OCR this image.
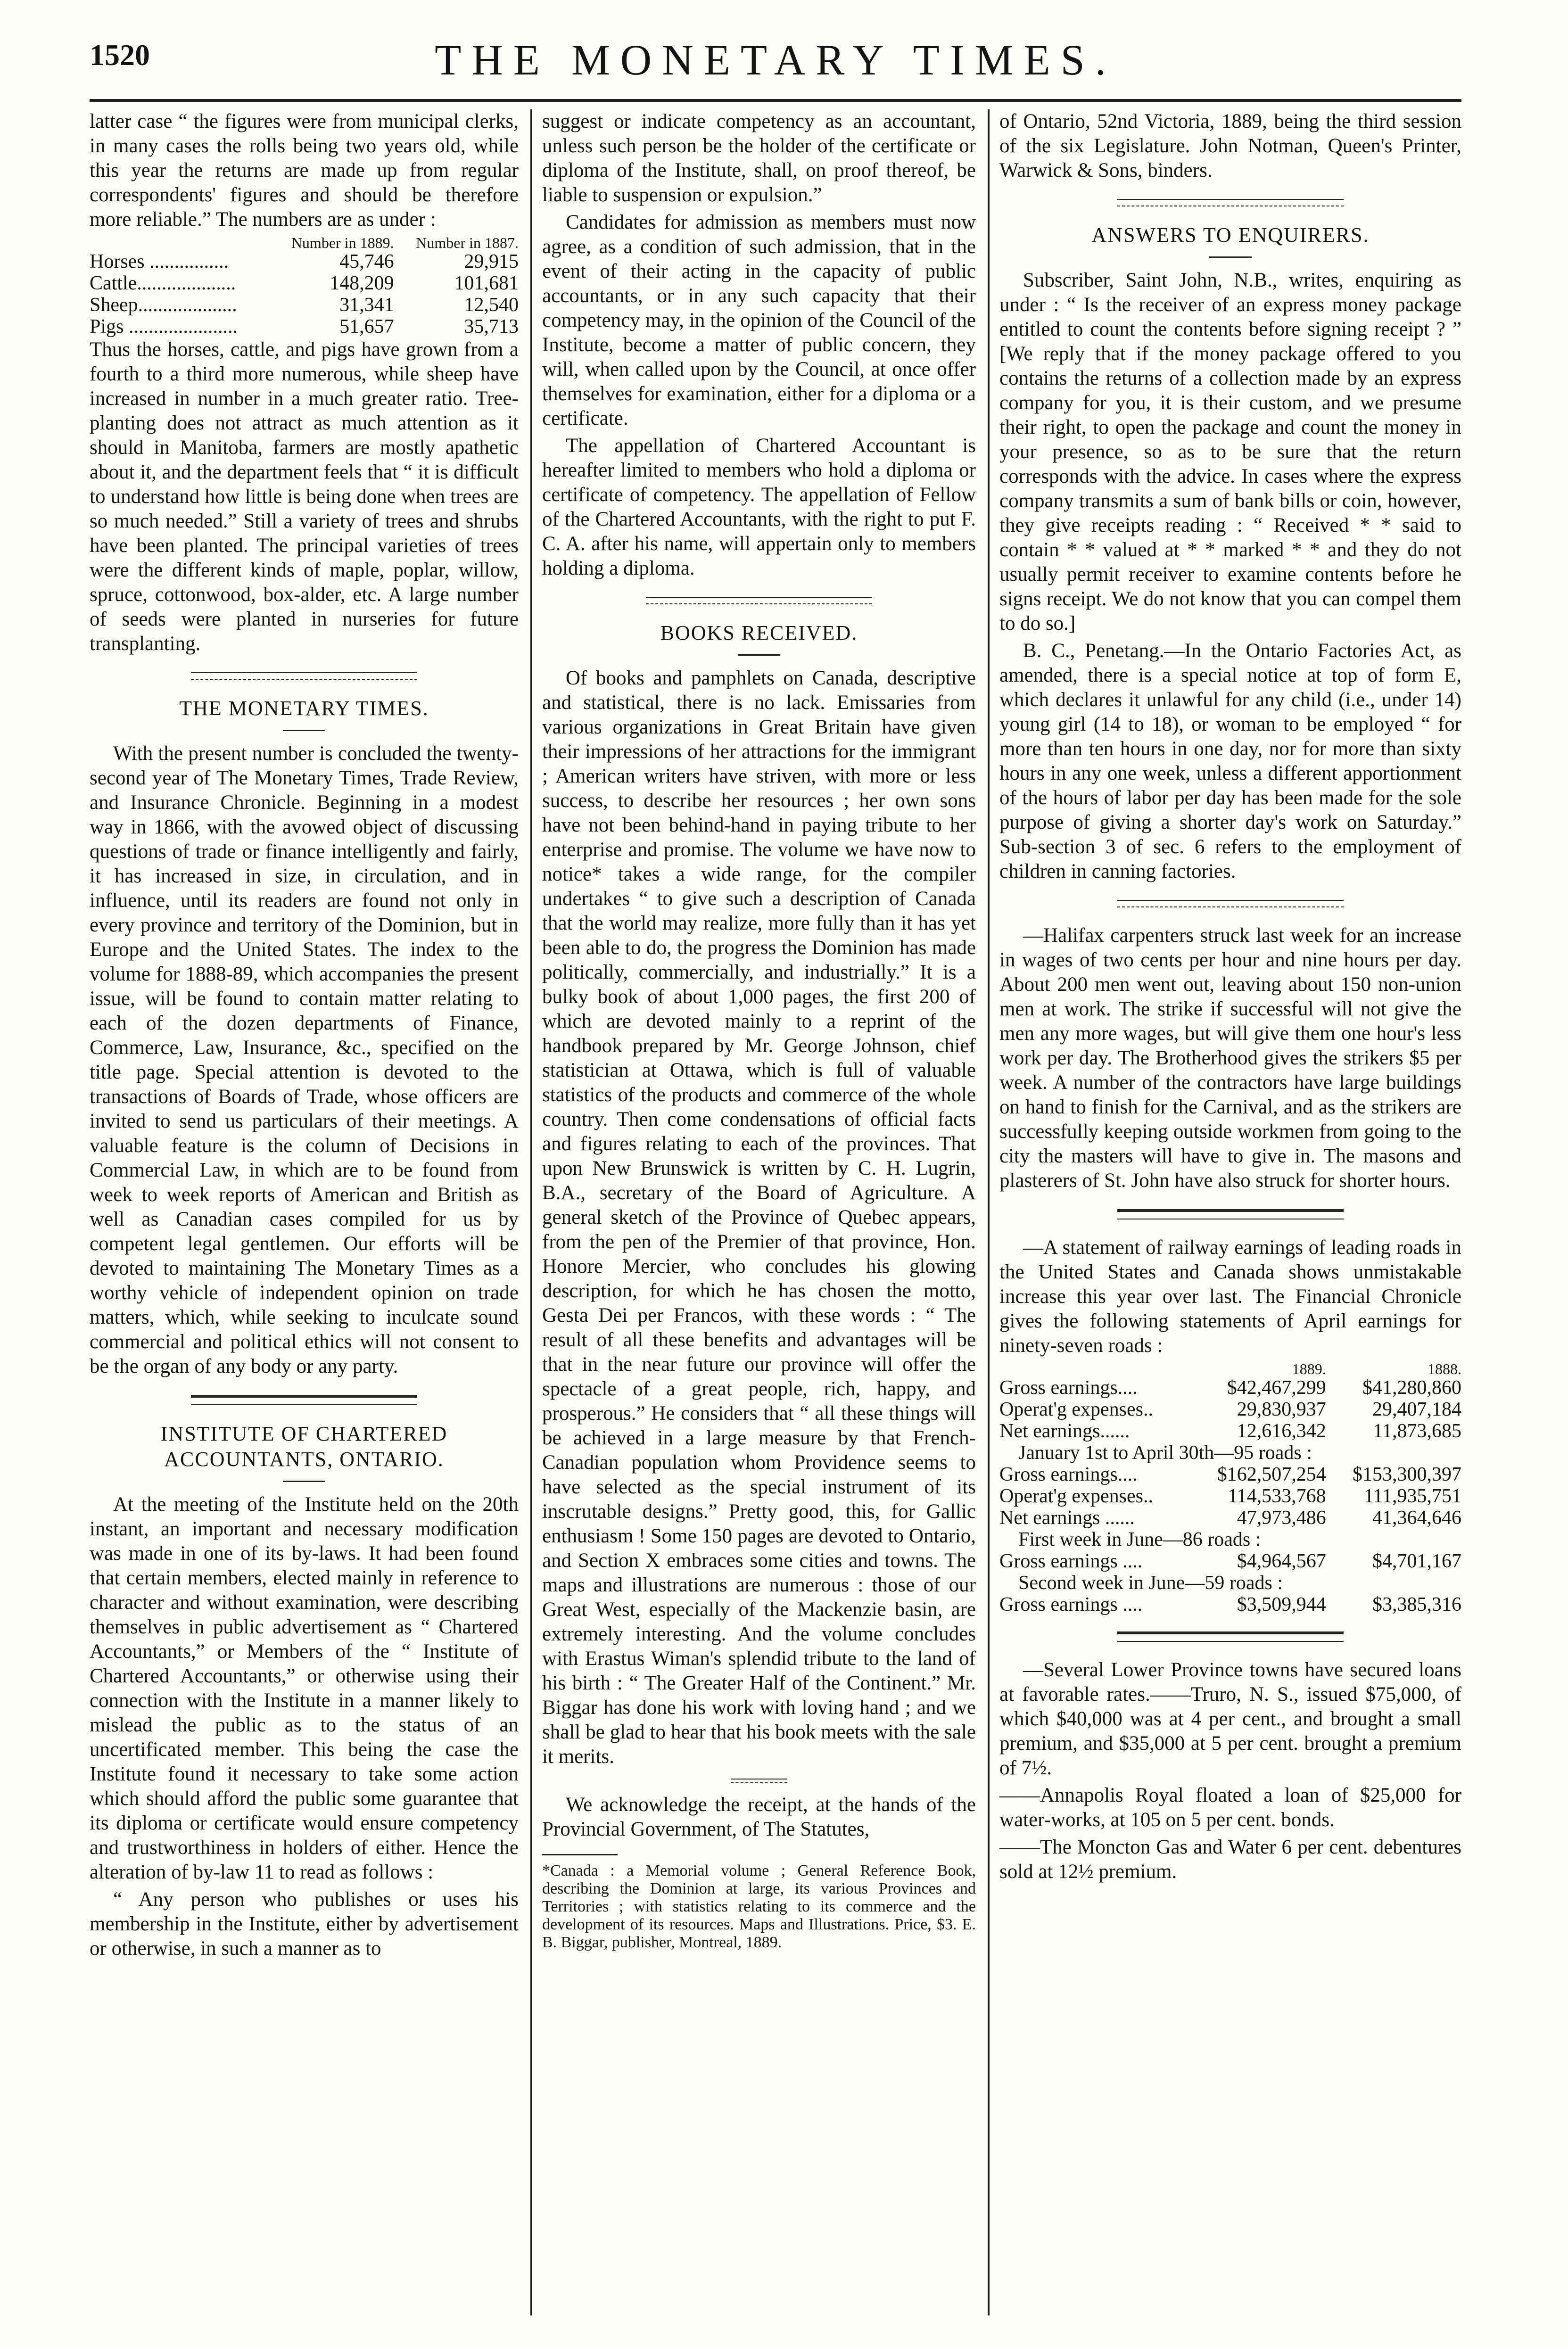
1520	THE MONETARY TIMES.

latter case “ the figures were from municipal clerks, in many cases the rolls being two years old, while this year the returns are made up from regular correspondents' figures and should be therefore more reliable.” The numbers are as under :

	Number in 1889.	Number in 1887.
Horses ................	45,746	29,915
Cattle....................	148,209	101,681
Sheep....................	31,341	12,540
Pigs ......................	51,657	35,713

Thus the horses, cattle, and pigs have grown from a fourth to a third more numerous, while sheep have increased in number in a much greater ratio. Tree-planting does not attract as much attention as it should in Manitoba, farmers are mostly apathetic about it, and the department feels that “ it is difficult to understand how little is being done when trees are so much needed.” Still a variety of trees and shrubs have been planted. The principal varieties of trees were the different kinds of maple, poplar, willow, spruce, cottonwood, box-alder, etc. A large number of seeds were planted in nurseries for future transplanting.

THE MONETARY TIMES.

With the present number is concluded the twenty-second year of The Monetary Times, Trade Review, and Insurance Chronicle. Beginning in a modest way in 1866, with the avowed object of discussing questions of trade or finance intelligently and fairly, it has increased in size, in circulation, and in influence, until its readers are found not only in every province and territory of the Dominion, but in Europe and the United States. The index to the volume for 1888-89, which accompanies the present issue, will be found to contain matter relating to each of the dozen departments of Finance, Commerce, Law, Insurance, &c., specified on the title page. Special attention is devoted to the transactions of Boards of Trade, whose officers are invited to send us particulars of their meetings. A valuable feature is the column of Decisions in Commercial Law, in which are to be found from week to week reports of American and British as well as Canadian cases compiled for us by competent legal gentlemen. Our efforts will be devoted to maintaining The Monetary Times as a worthy vehicle of independent opinion on trade matters, which, while seeking to inculcate sound commercial and political ethics will not consent to be the organ of any body or any party.

INSTITUTE OF CHARTERED ACCOUNTANTS, ONTARIO.

At the meeting of the Institute held on the 20th instant, an important and necessary modification was made in one of its by-laws. It had been found that certain members, elected mainly in reference to character and without examination, were describing themselves in public advertisement as “ Chartered Accountants,” or Members of the “ Institute of Chartered Accountants,” or otherwise using their connection with the Institute in a manner likely to mislead the public as to the status of an uncertificated member. This being the case the Institute found it necessary to take some action which should afford the public some guarantee that its diploma or certificate would ensure competency and trustworthiness in holders of either. Hence the alteration of by-law 11 to read as follows :

“ Any person who publishes or uses his membership in the Institute, either by advertisement or otherwise, in such a manner as to

suggest or indicate competency as an accountant, unless such person be the holder of the certificate or diploma of the Institute, shall, on proof thereof, be liable to suspension or expulsion.”

Candidates for admission as members must now agree, as a condition of such admission, that in the event of their acting in the capacity of public accountants, or in any such capacity that their competency may, in the opinion of the Council of the Institute, become a matter of public concern, they will, when called upon by the Council, at once offer themselves for examination, either for a diploma or a certificate.

The appellation of Chartered Accountant is hereafter limited to members who hold a diploma or certificate of competency. The appellation of Fellow of the Chartered Accountants, with the right to put F. C. A. after his name, will appertain only to members holding a diploma.

BOOKS RECEIVED.

Of books and pamphlets on Canada, descriptive and statistical, there is no lack. Emissaries from various organizations in Great Britain have given their impressions of her attractions for the immigrant ; American writers have striven, with more or less success, to describe her resources ; her own sons have not been behind-hand in paying tribute to her enterprise and promise. The volume we have now to notice* takes a wide range, for the compiler undertakes “ to give such a description of Canada that the world may realize, more fully than it has yet been able to do, the progress the Dominion has made politically, commercially, and industrially.” It is a bulky book of about 1,000 pages, the first 200 of which are devoted mainly to a reprint of the handbook prepared by Mr. George Johnson, chief statistician at Ottawa, which is full of valuable statistics of the products and commerce of the whole country. Then come condensations of official facts and figures relating to each of the provinces. That upon New Brunswick is written by C. H. Lugrin, B.A., secretary of the Board of Agriculture. A general sketch of the Province of Quebec appears, from the pen of the Premier of that province, Hon. Honore Mercier, who concludes his glowing description, for which he has chosen the motto, Gesta Dei per Francos, with these words : “ The result of all these benefits and advantages will be that in the near future our province will offer the spectacle of a great people, rich, happy, and prosperous.” He considers that “ all these things will be achieved in a large measure by that French-Canadian population whom Providence seems to have selected as the special instrument of its inscrutable designs.” Pretty good, this, for Gallic enthusiasm ! Some 150 pages are devoted to Ontario, and Section X embraces some cities and towns. The maps and illustrations are numerous : those of our Great West, especially of the Mackenzie basin, are extremely interesting. And the volume concludes with Erastus Wiman's splendid tribute to the land of his birth : “ The Greater Half of the Continent.” Mr. Biggar has done his work with loving hand ; and we shall be glad to hear that his book meets with the sale it merits.

We acknowledge the receipt, at the hands of the Provincial Government, of The Statutes,

*Canada : a Memorial volume ; General Reference Book, describing the Dominion at large, its various Provinces and Territories ; with statistics relating to its commerce and the development of its resources. Maps and Illustrations. Price, $3. E. B. Biggar, publisher, Montreal, 1889.

of Ontario, 52nd Victoria, 1889, being the third session of the six Legislature. John Notman, Queen's Printer, Warwick & Sons, binders.

ANSWERS TO ENQUIRERS.

Subscriber, Saint John, N.B., writes, enquiring as under : “ Is the receiver of an express money package entitled to count the contents before signing receipt ? ” [We reply that if the money package offered to you contains the returns of a collection made by an express company for you, it is their custom, and we presume their right, to open the package and count the money in your presence, so as to be sure that the return corresponds with the advice. In cases where the express company transmits a sum of bank bills or coin, however, they give receipts reading : “ Received * * said to contain * * valued at * * marked * * and they do not usually permit receiver to examine contents before he signs receipt. We do not know that you can compel them to do so.]

B. C., Penetang.—In the Ontario Factories Act, as amended, there is a special notice at top of form E, which declares it unlawful for any child (i.e., under 14) young girl (14 to 18), or woman to be employed “ for more than ten hours in one day, nor for more than sixty hours in any one week, unless a different apportionment of the hours of labor per day has been made for the sole purpose of giving a shorter day's work on Saturday.” Sub-section 3 of sec. 6 refers to the employment of children in canning factories.

—Halifax carpenters struck last week for an increase in wages of two cents per hour and nine hours per day. About 200 men went out, leaving about 150 non-union men at work. The strike if successful will not give the men any more wages, but will give them one hour's less work per day. The Brotherhood gives the strikers $5 per week. A number of the contractors have large buildings on hand to finish for the Carnival, and as the strikers are successfully keeping outside workmen from going to the city the masters will have to give in. The masons and plasterers of St. John have also struck for shorter hours.

—A statement of railway earnings of leading roads in the United States and Canada shows unmistakable increase this year over last. The Financial Chronicle gives the following statements of April earnings for ninety-seven roads :

	1889.	1888.
Gross earnings....	$42,467,299	$41,280,860
Operat'g expenses..	29,830,937	29,407,184
Net earnings......	12,616,342	11,873,685
January 1st to April 30th—95 roads :		
Gross earnings....	$162,507,254	$153,300,397
Operat'g expenses..	114,533,768	111,935,751
Net earnings ......	47,973,486	41,364,646
First week in June—86 roads :		
Gross earnings ....	$4,964,567	$4,701,167
Second week in June—59 roads :		
Gross earnings ....	$3,509,944	$3,385,316

—Several Lower Province towns have secured loans at favorable rates.——Truro, N. S., issued $75,000, of which $40,000 was at 4 per cent., and brought a small premium, and $35,000 at 5 per cent. brought a premium of 7½.

——Annapolis Royal floated a loan of $25,000 for water-works, at 105 on 5 per cent. bonds.

——The Moncton Gas and Water 6 per cent. debentures sold at 12½ premium.
